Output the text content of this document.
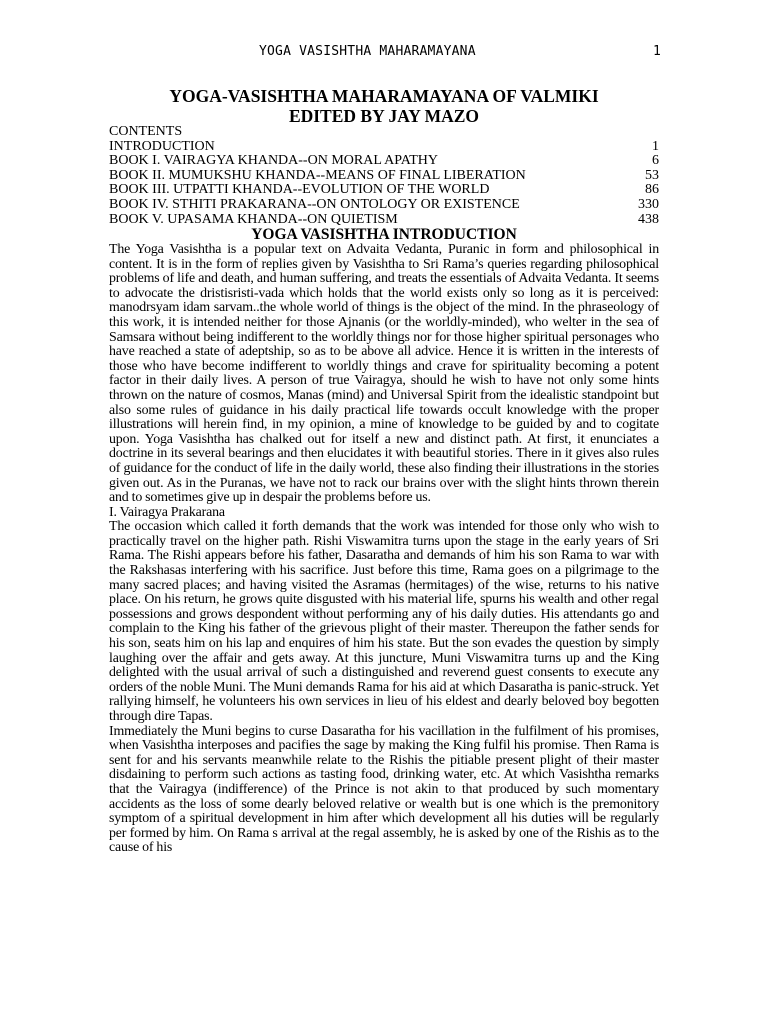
YOGA VASISHTHA MAHARAMAYANA	1
YOGA-VASISHTHA MAHARAMAYANA OF VALMIKI
EDITED BY JAY MAZO
CONTENTS
INTRODUCTION	1
BOOK I. VAIRAGYA KHANDA--ON MORAL APATHY	6
BOOK II. MUMUKSHU KHANDA--MEANS OF FINAL LIBERATION	53
BOOK III. UTPATTI KHANDA--EVOLUTION OF THE WORLD	86
BOOK IV. STHITI PRAKARANA--ON ONTOLOGY OR EXISTENCE	330
BOOK V. UPASAMA KHANDA--ON QUIETISM	438
YOGA VASISHTHA INTRODUCTION

The Yoga Vasishtha is a popular text on Advaita Vedanta, Puranic in form and philosophical in content. It is in the form of replies given by Vasishtha to Sri Rama’s queries regarding philosophical problems of life and death, and human suffering, and treats the essentials of Advaita Vedanta. It seems to advocate the dristisristi-vada which holds that the world exists only so long as it is perceived: manodrsyam idam sarvam..the whole world of things is the object of the mind. In the phraseology of this work, it is intended neither for those Ajnanis (or the worldly-minded), who welter in the sea of Samsara without being indifferent to the worldly things nor for those higher spiritual personages who have reached a state of adeptship, so as to be above all advice. Hence it is written in the interests of those who have become indifferent to worldly things and crave for spirituality becoming a potent factor in their daily lives. A person of true Vairagya, should he wish to have not only some hints thrown on the nature of cosmos, Manas (mind) and Universal Spirit from the idealistic standpoint but also some rules of guidance in his daily practical life towards occult knowledge with the proper illustrations will herein find, in my opinion, a mine of knowledge to be guided by and to cogitate upon. Yoga Vasishtha has chalked out for itself a new and distinct path. At first, it enunciates a doctrine in its several bearings and then elucidates it with beautiful stories. There in it gives also rules of guidance for the conduct of life in the daily world, these also finding their illustrations in the stories given out. As in the Puranas, we have not to rack our brains over with the slight hints thrown therein and to sometimes give up in despair the problems before us.

I. Vairagya Prakarana

The occasion which called it forth demands that the work was intended for those only who wish to practically travel on the higher path. Rishi Viswamitra turns upon the stage in the early years of Sri Rama. The Rishi appears before his father, Dasaratha and demands of him his son Rama to war with the Rakshasas interfering with his sacrifice. Just before this time, Rama goes on a pilgrimage to the many sacred places; and having visited the Asramas (hermitages) of the wise, returns to his native place. On his return, he grows quite disgusted with his material life, spurns his wealth and other regal possessions and grows despondent without performing any of his daily duties. His attendants go and complain to the King his father of the grievous plight of their master. Thereupon the father sends for his son, seats him on his lap and enquires of him his state. But the son evades the question by simply laughing over the affair and gets away. At this juncture, Muni Viswamitra turns up and the King delighted with the usual arrival of such a distinguished and reverend guest consents to execute any orders of the noble Muni. The Muni demands Rama for his aid at which Dasaratha is panic-struck. Yet rallying himself, he volunteers his own services in lieu of his eldest and dearly beloved boy begotten through dire Tapas.

Immediately the Muni begins to curse Dasaratha for his vacillation in the fulfilment of his promises, when Vasishtha interposes and pacifies the sage by making the King fulfil his promise. Then Rama is sent for and his servants meanwhile relate to the Rishis the pitiable present plight of their master disdaining to perform such actions as tasting food, drinking water, etc. At which Vasishtha remarks that the Vairagya (indifference) of the Prince is not akin to that produced by such momentary accidents as the loss of some dearly beloved relative or wealth but is one which is the premonitory symptom of a spiritual development in him after which development all his duties will be regularly per formed by him. On Rama s arrival at the regal assembly, he is asked by one of the Rishis as to the cause of his
